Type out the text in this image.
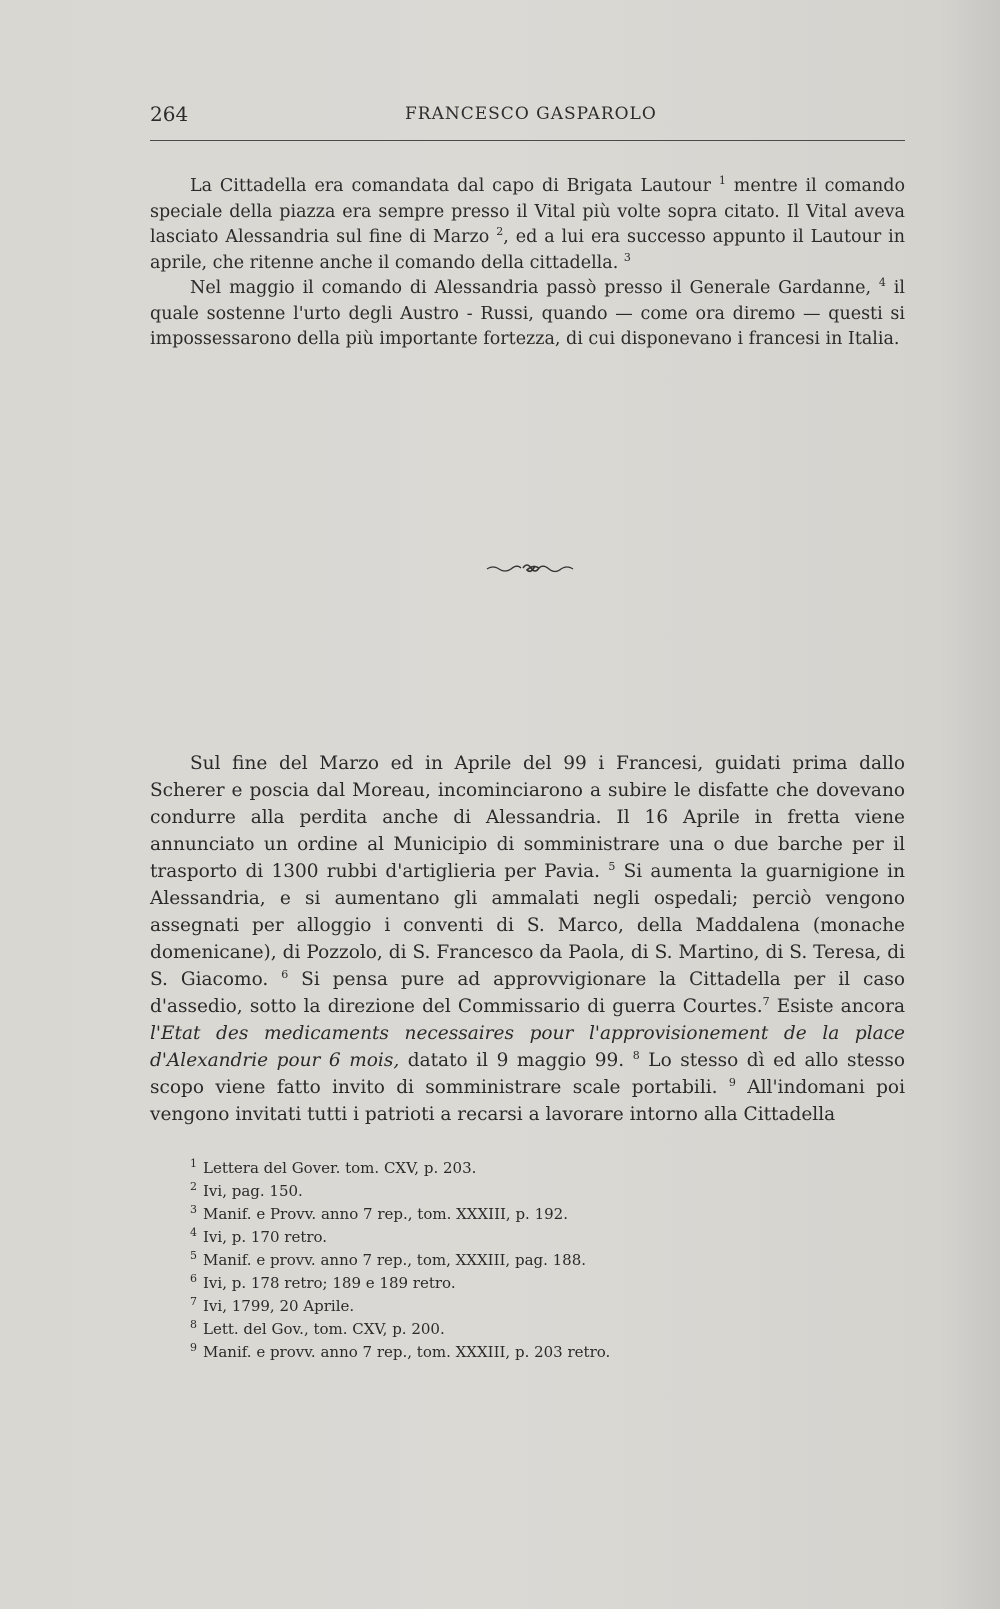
264	FRANCESCO GASPAROLO

La Cittadella era comandata dal capo di Brigata Lautour $^1$ mentre il comando speciale della piazza era sempre presso il Vital più volte sopra citato. Il Vital aveva lasciato Alessandria sul fine di Marzo $^2$, ed a lui era successo appunto il Lautour in aprile, che ritenne anche il comando della cittadella. $^3$

Nel maggio il comando di Alessandria passò presso il Generale Gardanne, $^4$ il quale sostenne l'urto degli Austro - Russi, quando — come ora diremo — questi si impossessarono della più importante fortezza, di cui disponevano i francesi in Italia.

Sul fine del Marzo ed in Aprile del 99 i Francesi, guidati prima dallo Scherer e poscia dal Moreau, incominciarono a subire le disfatte che dovevano condurre alla perdita anche di Alessandria. Il 16 Aprile in fretta viene annunciato un ordine al Municipio di somministrare una o due barche per il trasporto di 1300 rubbi d'artiglieria per Pavia. $^5$ Si aumenta la guarnigione in Alessandria, e si aumentano gli ammalati negli ospedali; perciò vengono assegnati per alloggio i conventi di S. Marco, della Maddalena (monache domenicane), di Pozzolo, di S. Francesco da Paola, di S. Martino, di S. Teresa, di S. Giacomo. $^6$ Si pensa pure ad approvvigionare la Cittadella per il caso d'assedio, sotto la direzione del Commissario di guerra Courtes.$^7$ Esiste ancora l'Etat des medicaments necessaires pour l'approvisionement de la place d'Alexandrie pour 6 mois, datato il 9 maggio 99. $^8$ Lo stesso dì ed allo stesso scopo viene fatto invito di somministrare scale portabili. $^9$ All'indomani poi vengono invitati tutti i patrioti a recarsi a lavorare intorno alla Cittadella

$^1$ Lettera del Gover. tom. CXV, p. 203.
$^2$ Ivi, pag. 150.
$^3$ Manif. e Provv. anno 7 rep., tom. XXXIII, p. 192.
$^4$ Ivi, p. 170 retro.
$^5$ Manif. e provv. anno 7 rep., tom, XXXIII, pag. 188.
$^6$ Ivi, p. 178 retro; 189 e 189 retro.
$^7$ Ivi, 1799, 20 Aprile.
$^8$ Lett. del Gov., tom. CXV, p. 200.
$^9$ Manif. e provv. anno 7 rep., tom. XXXIII, p. 203 retro.
